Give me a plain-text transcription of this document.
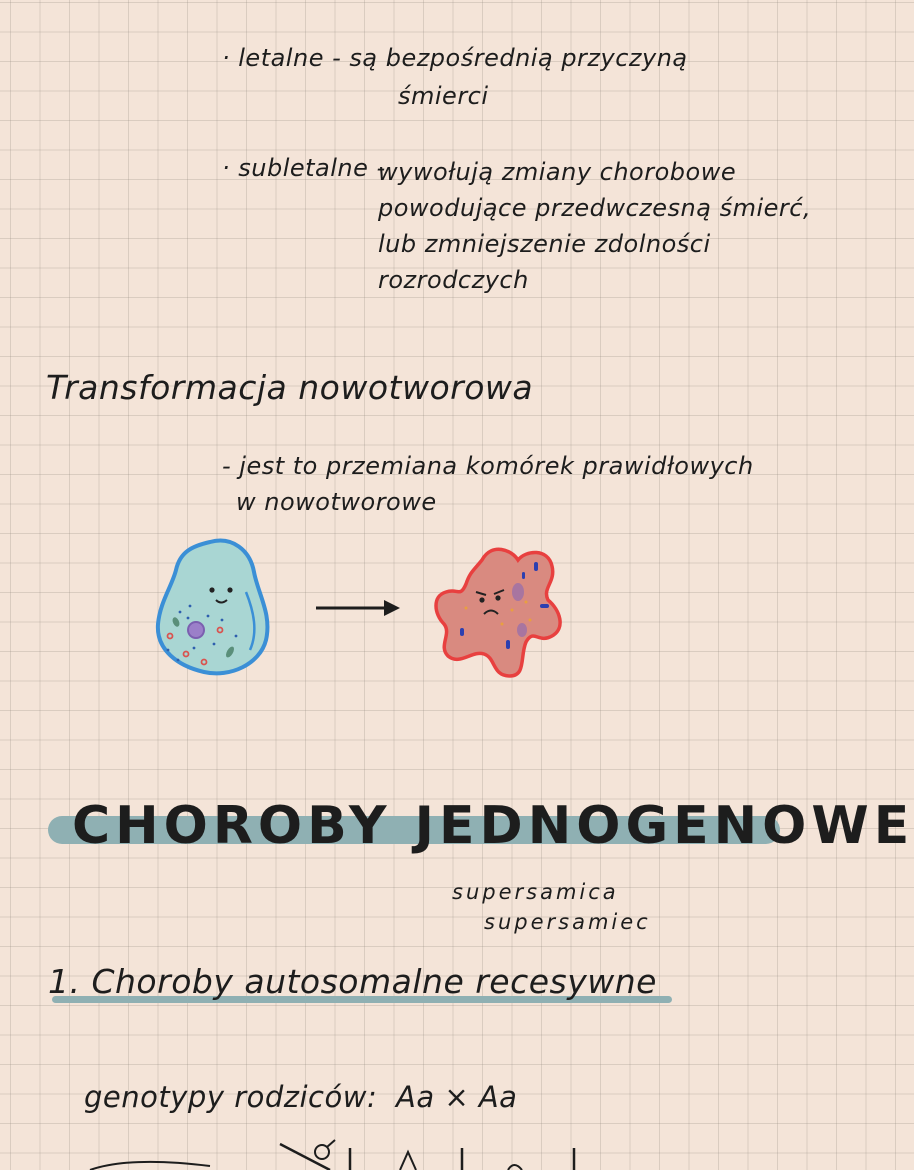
· letalne - są bezpośrednią przyczyną
śmierci
· subletalne -
wywołują zmiany chorobowe
powodujące przedwczesną śmierć,
lub zmniejszenie zdolności
rozrodczych
Transformacja nowotworowa
- jest to przemiana komórek prawidłowych
w nowotworowe
CHOROBY JEDNOGENOWE
supersamica
supersamiec
1. Choroby autosomalne recesywne
genotypy rodziców: Aa × Aa
